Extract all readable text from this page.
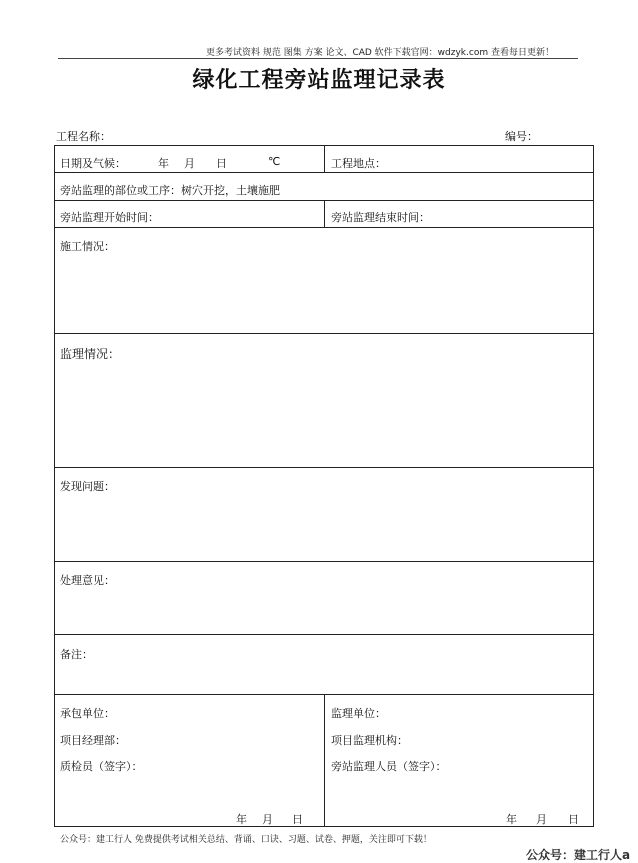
更多考试资料 规范 图集 方案 论文、CAD 软件下载官网：wdzyk.com 查看每日更新！
绿化工程旁站监理记录表
工程名称：	编号：
日期及气候：	年 月 日	℃	工程地点：
旁站监理的部位或工序：树穴开挖，土壤施肥
旁站监理开始时间：	旁站监理结束时间：
施工情况：
监理情况：
发现问题：
处理意见：
备注：
承包单位：
项目经理部：
质检员（签字）：
年 月 日
监理单位：
项目监理机构：
旁站监理人员（签字）：
年 月 日
公众号：建工行人 免费提供考试相关总结、背诵、口诀、习题、试卷、押题，关注即可下载！
公众号：建工行人a
